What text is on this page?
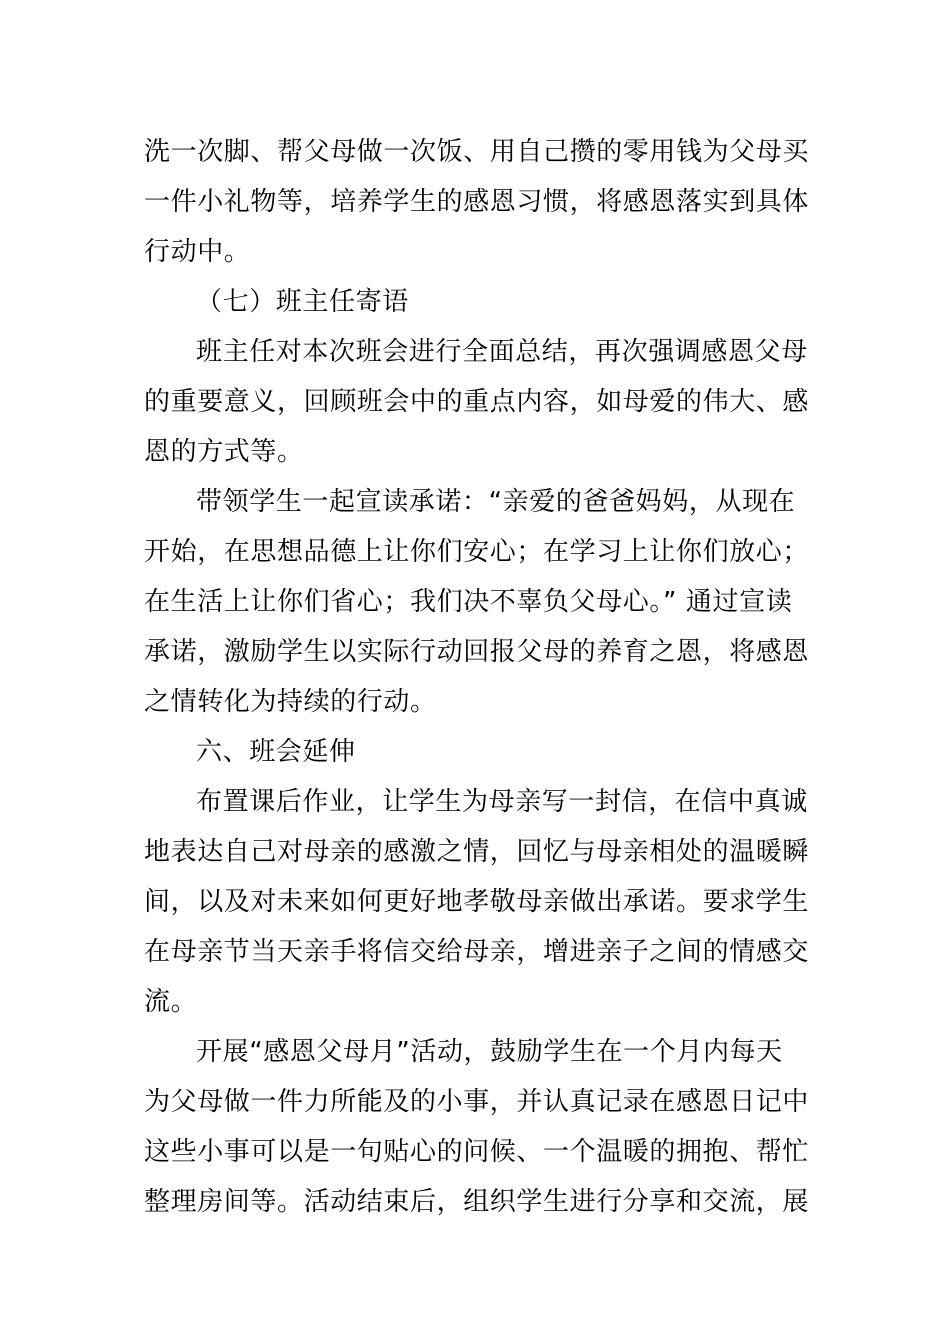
洗一次脚、帮父母做一次饭、用自己攒的零用钱为父母买
一件小礼物等，培养学生的感恩习惯，将感恩落实到具体
行动中。
（七）班主任寄语
班主任对本次班会进行全面总结，再次强调感恩父母
的重要意义，回顾班会中的重点内容，如母爱的伟大、感
恩的方式等。
带领学生一起宣读承诺：“亲爱的爸爸妈妈，从现在
开始，在思想品德上让你们安心；在学习上让你们放心；
在生活上让你们省心；我们决不辜负父母心。” 通过宣读
承诺，激励学生以实际行动回报父母的养育之恩，将感恩
之情转化为持续的行动。
六、班会延伸
布置课后作业，让学生为母亲写一封信，在信中真诚
地表达自己对母亲的感激之情，回忆与母亲相处的温暖瞬
间，以及对未来如何更好地孝敬母亲做出承诺。要求学生
在母亲节当天亲手将信交给母亲，增进亲子之间的情感交
流。
开展“感恩父母月”活动，鼓励学生在一个月内每天
为父母做一件力所能及的小事，并认真记录在感恩日记中
这些小事可以是一句贴心的问候、一个温暖的拥抱、帮忙
整理房间等。活动结束后，组织学生进行分享和交流，展
